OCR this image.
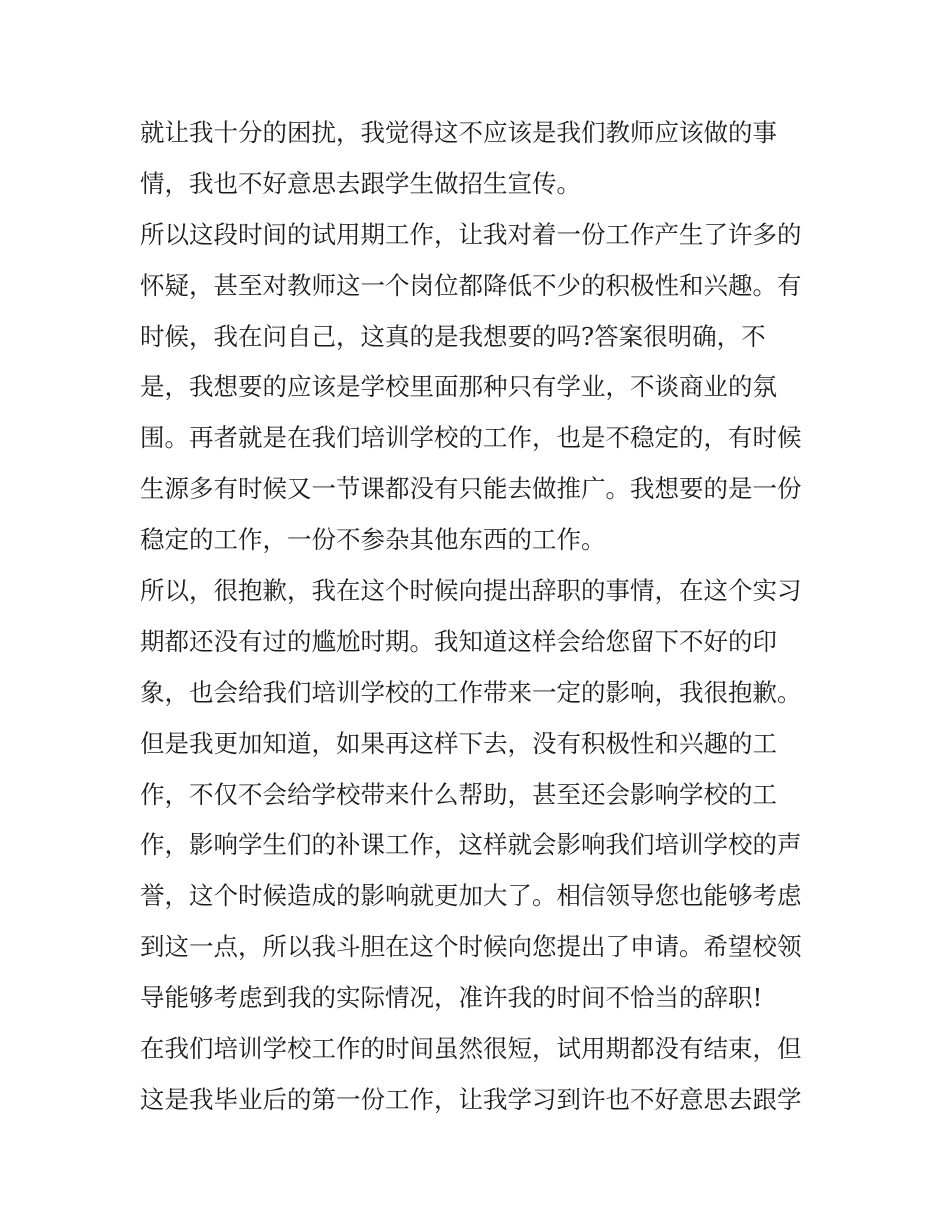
就让我十分的困扰，我觉得这不应该是我们教师应该做的事
情，我也不好意思去跟学生做招生宣传。
所以这段时间的试用期工作，让我对着一份工作产生了许多的
怀疑，甚至对教师这一个岗位都降低不少的积极性和兴趣。有
时候，我在问自己，这真的是我想要的吗?答案很明确，不
是，我想要的应该是学校里面那种只有学业，不谈商业的氛
围。再者就是在我们培训学校的工作，也是不稳定的，有时候
生源多有时候又一节课都没有只能去做推广。我想要的是一份
稳定的工作，一份不参杂其他东西的工作。
所以，很抱歉，我在这个时候向提出辞职的事情，在这个实习
期都还没有过的尴尬时期。我知道这样会给您留下不好的印
象，也会给我们培训学校的工作带来一定的影响，我很抱歉。
但是我更加知道，如果再这样下去，没有积极性和兴趣的工
作，不仅不会给学校带来什么帮助，甚至还会影响学校的工
作，影响学生们的补课工作，这样就会影响我们培训学校的声
誉，这个时候造成的影响就更加大了。相信领导您也能够考虑
到这一点，所以我斗胆在这个时候向您提出了申请。希望校领
导能够考虑到我的实际情况，准许我的时间不恰当的辞职!
在我们培训学校工作的时间虽然很短，试用期都没有结束，但
这是我毕业后的第一份工作，让我学习到许也不好意思去跟学
